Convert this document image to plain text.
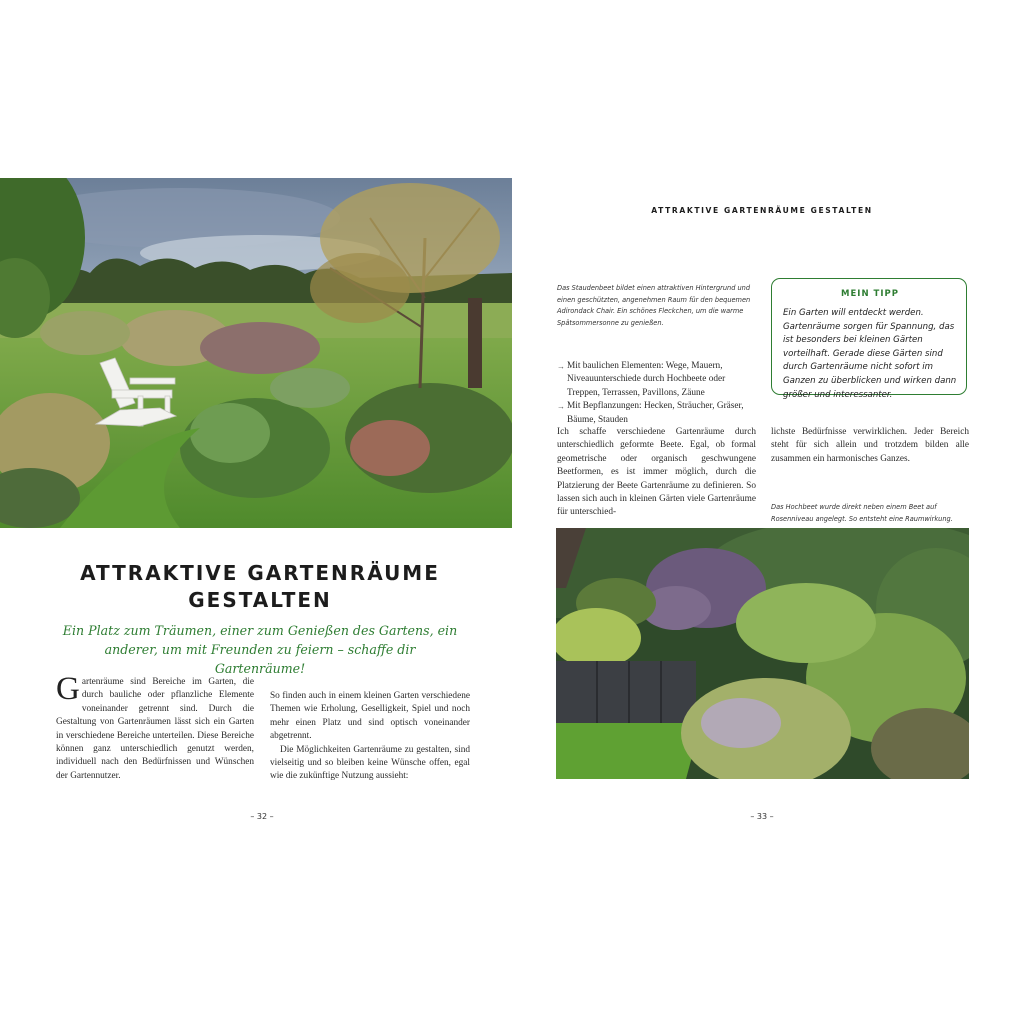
ATTRAKTIVE GARTENRÄUME
GESTALTEN
Ein Platz zum Träumen, einer zum Genießen des Gartens, ein
anderer, um mit Freunden zu feiern – schaffe dir Gartenräume!

Gartenräume sind Bereiche im Garten, die durch bauliche oder pflanzliche Elemente voneinander getrennt sind. Durch die Gestaltung von Gartenräumen lässt sich ein Garten in verschiedene Bereiche unterteilen. Diese Bereiche können ganz unterschiedlich genutzt werden, individuell nach den Bedürfnissen und Wünschen der Gartennutzer.

So finden auch in einem kleinen Garten verschiedene Themen wie Erholung, Geselligkeit, Spiel und noch mehr einen Platz und sind optisch voneinander abgetrennt.

Die Möglichkeiten Gartenräume zu gestalten, sind vielseitig und so bleiben keine Wünsche offen, egal wie die zukünftige Nutzung aussieht:

– 32 –
ATTRAKTIVE GARTENRÄUME GESTALTEN
Das Staudenbeet bildet einen attraktiven Hintergrund und einen geschützten, angenehmen Raum für den bequemen Adirondack Chair. Ein schönes Fleckchen, um die warme Spätsommersonne zu genießen.
→ Mit baulichen Elementen: Wege, Mauern, Niveauunterschiede durch Hochbeete oder Treppen, Terrassen, Pavillons, Zäune
→ Mit Bepflanzungen: Hecken, Sträucher, Gräser, Bäume, Stauden

Ich schaffe verschiedene Gartenräume durch unterschiedlich geformte Beete. Egal, ob formal geometrische oder organisch geschwungene Beetformen, es ist immer möglich, durch die Platzierung der Beete Gartenräume zu definieren. So lassen sich auch in kleinen Gärten viele Gartenräume für unterschied-

lichste Bedürfnisse verwirklichen. Jeder Bereich steht für sich allein und trotzdem bilden alle zusammen ein harmonisches Ganzes.

MEIN TIPP
Ein Garten will entdeckt werden. Gartenräume sorgen für Spannung, das ist besonders bei kleinen Gärten vorteilhaft. Gerade diese Gärten sind durch Gartenräume nicht sofort im Ganzen zu überblicken und wirken dann größer und interessanter.
Das Hochbeet wurde direkt neben einem Beet auf Rosenniveau angelegt. So entsteht eine Raumwirkung.
– 33 –
